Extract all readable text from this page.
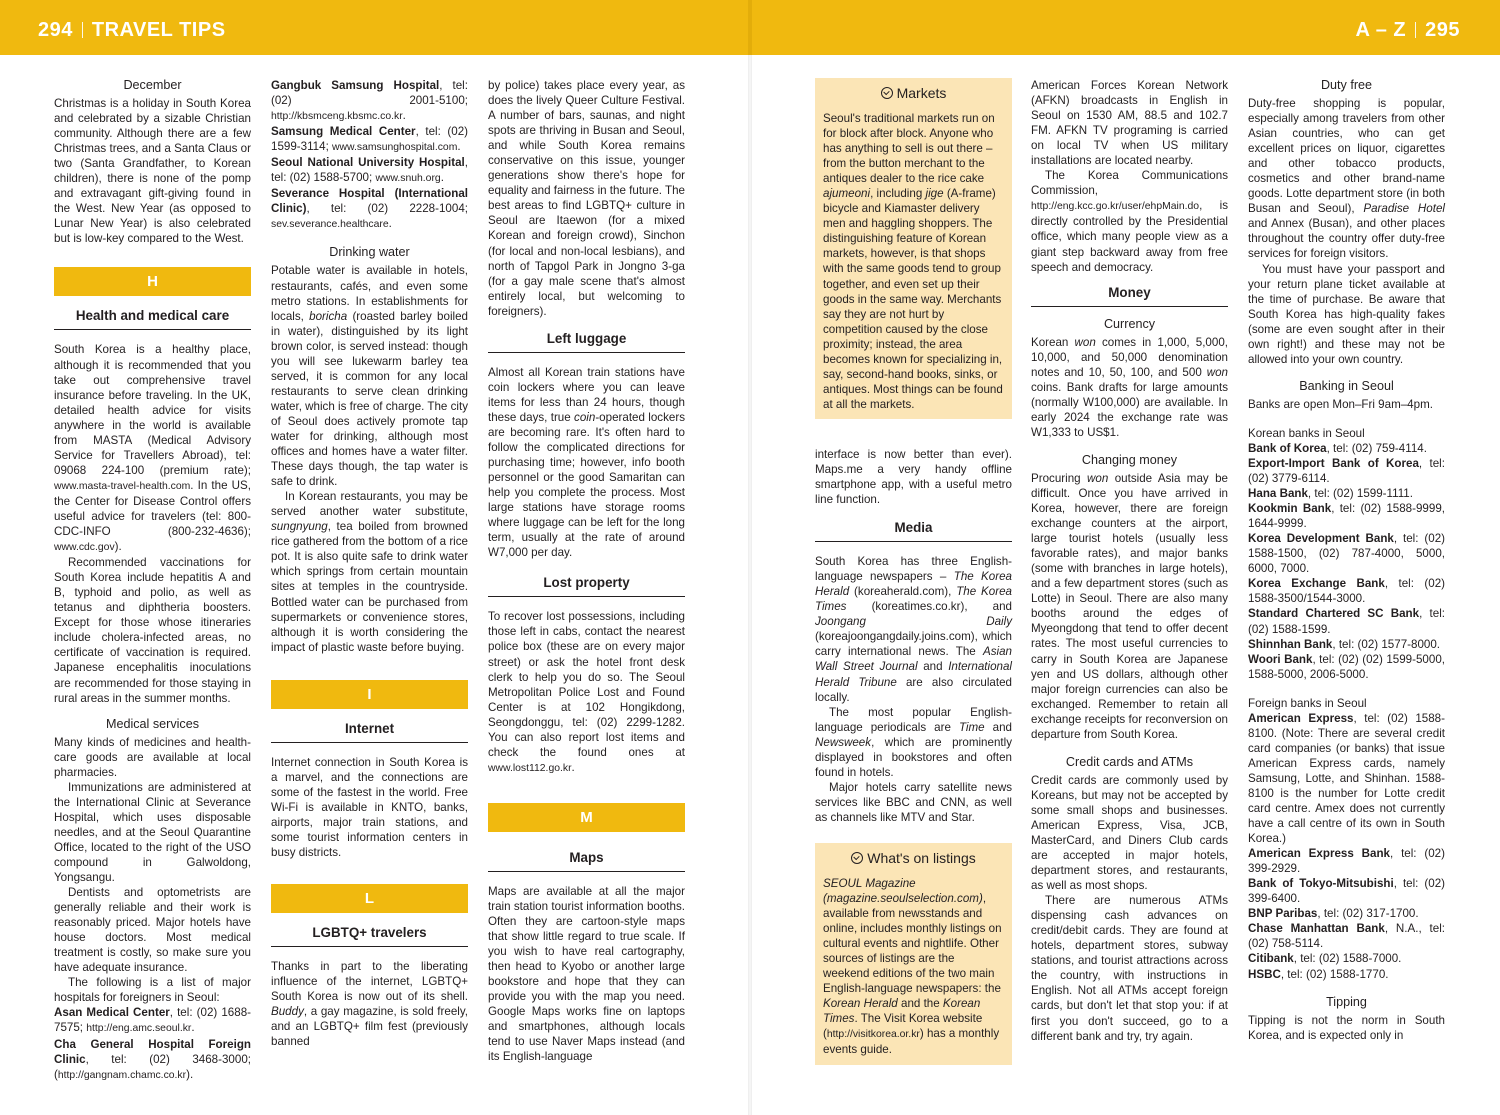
294 TRAVEL TIPS	A – Z 295
December

Christmas is a holiday in South Korea and celebrated by a sizable Christian community. Although there are a few Christmas trees, and a Santa Claus or two (Santa Grandfather, to Korean children), there is none of the pomp and extravagant gift-giving found in the West. New Year (as opposed to Lunar New Year) is also celebrated but is low-key compared to the West.

H
Health and medical care

South Korea is a healthy place, although it is recommended that you take out comprehensive travel insurance before traveling. In the UK, detailed health advice for visits anywhere in the world is available from MASTA (Medical Advisory Service for Travellers Abroad), tel: 09068 224-100 (premium rate); www.masta-travel-health.com. In the US, the Center for Disease Control offers useful advice for travelers (tel: 800-CDC-INFO (800-232-4636); www.cdc.gov).

Recommended vaccinations for South Korea include hepatitis A and B, typhoid and polio, as well as tetanus and diphtheria boosters. Except for those whose itineraries include cholera-infected areas, no certificate of vaccination is required. Japanese encephalitis inoculations are recommended for those staying in rural areas in the summer months.

Medical services

Many kinds of medicines and health-care goods are available at local pharmacies.

Immunizations are administered at the International Clinic at Severance Hospital, which uses disposable needles, and at the Seoul Quarantine Office, located to the right of the USO compound in Galwoldong, Yongsangu.

Dentists and optometrists are generally reliable and their work is reasonably priced. Major hotels have house doctors. Most medical treatment is costly, so make sure you have adequate insurance.

The following is a list of major hospitals for foreigners in Seoul:

Asan Medical Center, tel: (02) 1688-7575; http://eng.amc.seoul.kr.

Cha General Hospital Foreign Clinic, tel: (02) 3468-3000; (http://gangnam.chamc.co.kr).

Gangbuk Samsung Hospital, tel: (02) 2001-5100; http://kbsmceng.kbsmc.co.kr.

Samsung Medical Center, tel: (02) 1599-3114; www.samsunghospital.com.

Seoul National University Hospital, tel: (02) 1588-5700; www.snuh.org.

Severance Hospital (International Clinic), tel: (02) 2228-1004; sev.severance.healthcare.

Drinking water

Potable water is available in hotels, restaurants, cafés, and even some metro stations. In establishments for locals, boricha (roasted barley boiled in water), distinguished by its light brown color, is served instead: though you will see lukewarm barley tea served, it is common for any local restaurants to serve clean drinking water, which is free of charge. The city of Seoul does actively promote tap water for drinking, although most offices and homes have a water filter. These days though, the tap water is safe to drink.

In Korean restaurants, you may be served another water substitute, sungnyung, tea boiled from browned rice gathered from the bottom of a rice pot. It is also quite safe to drink water which springs from certain mountain sites at temples in the countryside. Bottled water can be purchased from supermarkets or convenience stores, although it is worth considering the impact of plastic waste before buying.

I
Internet

Internet connection in South Korea is a marvel, and the connections are some of the fastest in the world. Free Wi-Fi is available in KNTO, banks, airports, major train stations, and some tourist information centers in busy districts.

L
LGBTQ+ travelers

Thanks in part to the liberating influence of the internet, LGBTQ+ South Korea is now out of its shell. Buddy, a gay magazine, is sold freely, and an LGBTQ+ film fest (previously banned

by police) takes place every year, as does the lively Queer Culture Festival. A number of bars, saunas, and night spots are thriving in Busan and Seoul, and while South Korea remains conservative on this issue, younger generations show there's hope for equality and fairness in the future. The best areas to find LGBTQ+ culture in Seoul are Itaewon (for a mixed Korean and foreign crowd), Sinchon (for local and non-local lesbians), and north of Tapgol Park in Jongno 3-ga (for a gay male scene that's almost entirely local, but welcoming to foreigners).

Left luggage

Almost all Korean train stations have coin lockers where you can leave items for less than 24 hours, though these days, true coin-operated lockers are becoming rare. It's often hard to follow the complicated directions for purchasing time; however, info booth personnel or the good Samaritan can help you complete the process. Most large stations have storage rooms where luggage can be left for the long term, usually at the rate of around W7,000 per day.

Lost property

To recover lost possessions, including those left in cabs, contact the nearest police box (these are on every major street) or ask the hotel front desk clerk to help you do so. The Seoul Metropolitan Police Lost and Found Center is at 102 Hongikdong, Seongdonggu, tel: (02) 2299-1282. You can also report lost items and check the found ones at www.lost112.go.kr.

M
Maps

Maps are available at all the major train station tourist information booths. Often they are cartoon-style maps that show little regard to true scale. If you wish to have real cartography, then head to Kyobo or another large bookstore and hope that they can provide you with the map you need. Google Maps works fine on laptops and smartphones, although locals tend to use Naver Maps instead (and its English-language

Markets

Seoul's traditional markets run on for block after block. Anyone who has anything to sell is out there – from the button merchant to the antiques dealer to the rice cake ajumeoni, including jige (A-frame) bicycle and Kiamaster delivery men and haggling shoppers. The distinguishing feature of Korean markets, however, is that shops with the same goods tend to group together, and even set up their goods in the same way. Merchants say they are not hurt by competition caused by the close proximity; instead, the area becomes known for specializing in, say, second-hand books, sinks, or antiques. Most things can be found at all the markets.

interface is now better than ever). Maps.me a very handy offline smartphone app, with a useful metro line function.

Media

South Korea has three English-language newspapers – The Korea Herald (koreaherald.com), The Korea Times (koreatimes.co.kr), and Joongang Daily (koreajoongangdaily.joins.com), which carry international news. The Asian Wall Street Journal and International Herald Tribune are also circulated locally.

The most popular English-language periodicals are Time and Newsweek, which are prominently displayed in bookstores and often found in hotels.

Major hotels carry satellite news services like BBC and CNN, as well as channels like MTV and Star.

What's on listings

SEOUL Magazine (magazine.seoulselection.com), available from newsstands and online, includes monthly listings on cultural events and nightlife. Other sources of listings are the weekend editions of the two main English-language newspapers: the Korean Herald and the Korean Times. The Visit Korea website (http://visitkorea.or.kr) has a monthly events guide.

American Forces Korean Network (AFKN) broadcasts in English in Seoul on 1530 AM, 88.5 and 102.7 FM. AFKN TV programing is carried on local TV when US military installations are located nearby.

The Korea Communications Commission, http://eng.kcc.go.kr/user/ehpMain.do, is directly controlled by the Presidential office, which many people view as a giant step backward away from free speech and democracy.

Money
Currency

Korean won comes in 1,000, 5,000, 10,000, and 50,000 denomination notes and 10, 50, 100, and 500 won coins. Bank drafts for large amounts (normally W100,000) are available. In early 2024 the exchange rate was W1,333 to US$1.

Changing money

Procuring won outside Asia may be difficult. Once you have arrived in Korea, however, there are foreign exchange counters at the airport, large tourist hotels (usually less favorable rates), and major banks (some with branches in large hotels), and a few department stores (such as Lotte) in Seoul. There are also many booths around the edges of Myeongdong that tend to offer decent rates. The most useful currencies to carry in South Korea are Japanese yen and US dollars, although other major foreign currencies can also be exchanged. Remember to retain all exchange receipts for reconversion on departure from South Korea.

Credit cards and ATMs

Credit cards are commonly used by Koreans, but may not be accepted by some small shops and businesses. American Express, Visa, JCB, MasterCard, and Diners Club cards are accepted in major hotels, department stores, and restaurants, as well as most shops.

There are numerous ATMs dispensing cash advances on credit/debit cards. They are found at hotels, department stores, subway stations, and tourist attractions across the country, with instructions in English. Not all ATMs accept foreign cards, but don't let that stop you: if at first you don't succeed, go to a different bank and try, try again.

Duty free

Duty-free shopping is popular, especially among travelers from other Asian countries, who can get excellent prices on liquor, cigarettes and other tobacco products, cosmetics and other brand-name goods. Lotte department store (in both Busan and Seoul), Paradise Hotel and Annex (Busan), and other places throughout the country offer duty-free services for foreign visitors.

You must have your passport and your return plane ticket available at the time of purchase. Be aware that South Korea has high-quality fakes (some are even sought after in their own right!) and these may not be allowed into your own country.

Banking in Seoul

Banks are open Mon–Fri 9am–4pm.

Korean banks in Seoul

Bank of Korea, tel: (02) 759-4114.

Export-Import Bank of Korea, tel: (02) 3779-6114.

Hana Bank, tel: (02) 1599-1111.

Kookmin Bank, tel: (02) 1588-9999, 1644-9999.

Korea Development Bank, tel: (02) 1588-1500, (02) 787-4000, 5000, 6000, 7000.

Korea Exchange Bank, tel: (02) 1588-3500/1544-3000.

Standard Chartered SC Bank, tel: (02) 1588-1599.

Shinnhan Bank, tel: (02) 1577-8000.

Woori Bank, tel: (02) (02) 1599-5000, 1588-5000, 2006-5000.

Foreign banks in Seoul

American Express, tel: (02) 1588-8100. (Note: There are several credit card companies (or banks) that issue American Express cards, namely Samsung, Lotte, and Shinhan. 1588-8100 is the number for Lotte credit card centre. Amex does not currently have a call centre of its own in South Korea.)

American Express Bank, tel: (02) 399-2929.

Bank of Tokyo-Mitsubishi, tel: (02) 399-6400.

BNP Paribas, tel: (02) 317-1700.

Chase Manhattan Bank, N.A., tel: (02) 758-5114.

Citibank, tel: (02) 1588-7000.

HSBC, tel: (02) 1588-1770.

Tipping

Tipping is not the norm in South Korea, and is expected only in
